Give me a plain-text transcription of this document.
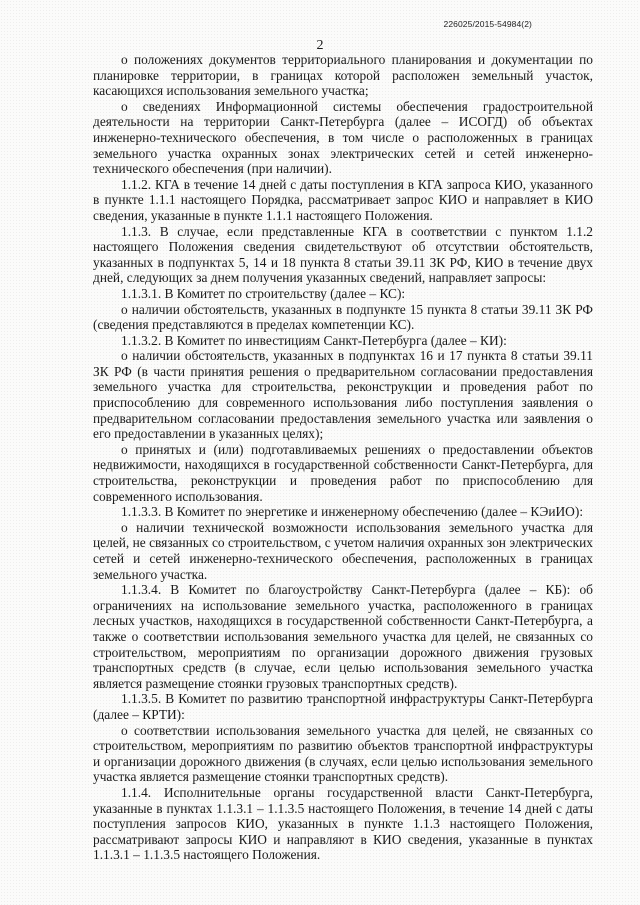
226025/2015-54984(2)
2

о положениях документов территориального планирования и документации по планировке территории, в границах которой расположен земельный участок, касающихся использования земельного участка;

о сведениях Информационной системы обеспечения градостроительной деятельности на территории Санкт-Петербурга (далее – ИСОГД) об объектах инженерно-технического обеспечения, в том числе о расположенных в границах земельного участка охранных зонах электрических сетей и сетей инженерно-технического обеспечения (при наличии).

1.1.2. КГА в течение 14 дней с даты поступления в КГА запроса КИО, указанного в пункте 1.1.1 настоящего Порядка, рассматривает запрос КИО и направляет в КИО сведения, указанные в пункте 1.1.1 настоящего Положения.

1.1.3. В случае, если представленные КГА в соответствии с пунктом 1.1.2 настоящего Положения сведения свидетельствуют об отсутствии обстоятельств, указанных в подпунктах 5, 14 и 18 пункта 8 статьи 39.11 ЗК РФ, КИО в течение двух дней, следующих за днем получения указанных сведений, направляет запросы:

1.1.3.1. В Комитет по строительству (далее – КС):

о наличии обстоятельств, указанных в подпункте 15 пункта 8 статьи 39.11 ЗК РФ (сведения представляются в пределах компетенции КС).

1.1.3.2. В Комитет по инвестициям Санкт-Петербурга (далее – КИ):

о наличии обстоятельств, указанных в подпунктах 16 и 17 пункта 8 статьи 39.11 ЗК РФ (в части принятия решения о предварительном согласовании предоставления земельного участка для строительства, реконструкции и проведения работ по приспособлению для современного использования либо поступления заявления о предварительном согласовании предоставления земельного участка или заявления о его предоставлении в указанных целях);

о принятых и (или) подготавливаемых решениях о предоставлении объектов недвижимости, находящихся в государственной собственности Санкт-Петербурга, для строительства, реконструкции и проведения работ по приспособлению для современного использования.

1.1.3.3. В Комитет по энергетике и инженерному обеспечению (далее – КЭиИО):

о наличии технической возможности использования земельного участка для целей, не связанных со строительством, с учетом наличия охранных зон электрических сетей и сетей инженерно-технического обеспечения, расположенных в границах земельного участка.

1.1.3.4. В Комитет по благоустройству Санкт-Петербурга (далее – КБ): об ограничениях на использование земельного участка, расположенного в границах лесных участков, находящихся в государственной собственности Санкт-Петербурга, а также о соответствии использования земельного участка для целей, не связанных со строительством, мероприятиям по организации дорожного движения грузовых транспортных средств (в случае, если целью использования земельного участка является размещение стоянки грузовых транспортных средств).

1.1.3.5. В Комитет по развитию транспортной инфраструктуры Санкт-Петербурга (далее – КРТИ):

о соответствии использования земельного участка для целей, не связанных со строительством, мероприятиям по развитию объектов транспортной инфраструктуры и организации дорожного движения (в случаях, если целью использования земельного участка является размещение стоянки транспортных средств).

1.1.4. Исполнительные органы государственной власти Санкт-Петербурга, указанные в пунктах 1.1.3.1 – 1.1.3.5 настоящего Положения, в течение 14 дней с даты поступления запросов КИО, указанных в пункте 1.1.3 настоящего Положения, рассматривают запросы КИО и направляют в КИО сведения, указанные в пунктах 1.1.3.1 – 1.1.3.5 настоящего Положения.
